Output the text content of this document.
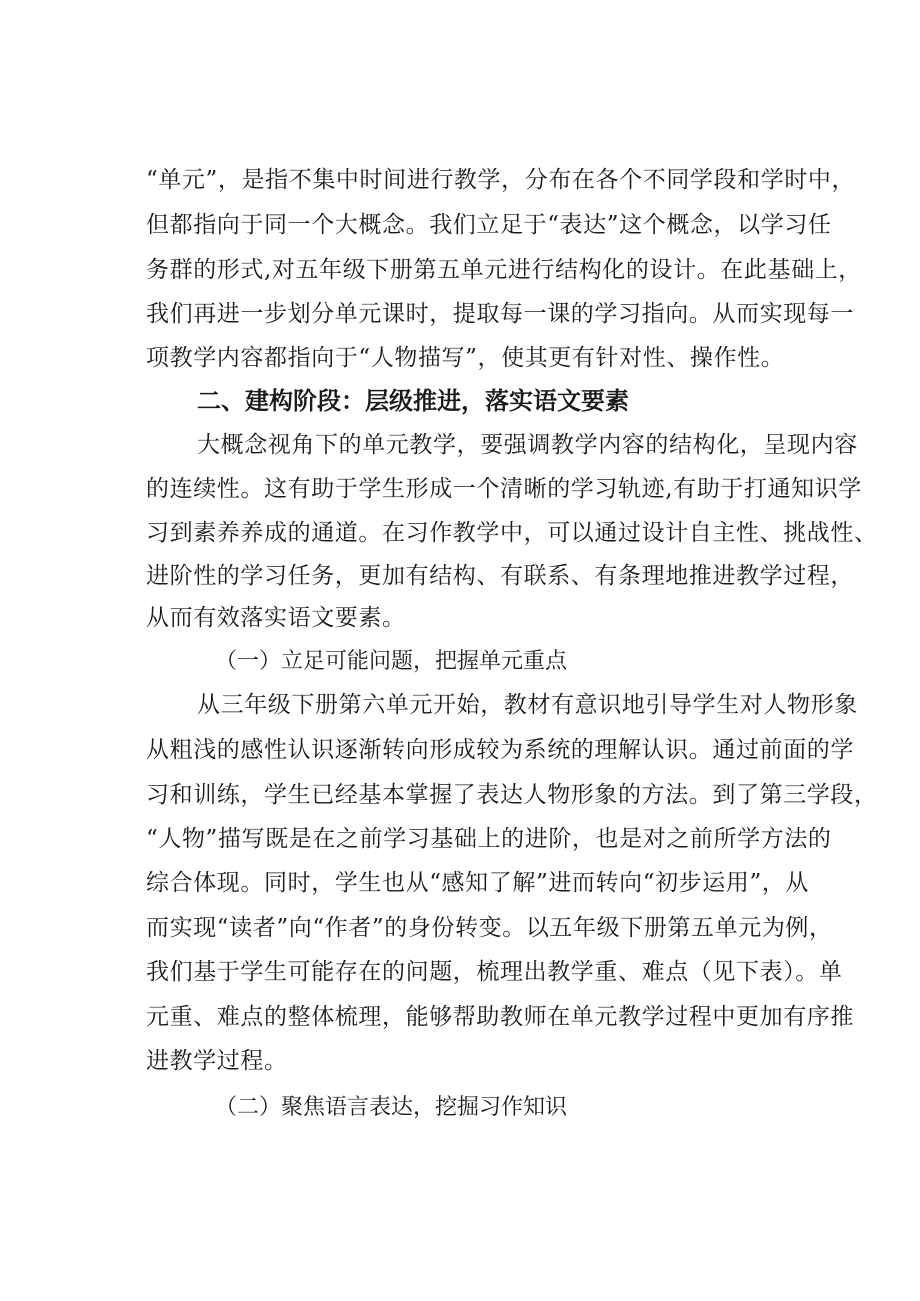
“单元”，是指不集中时间进行教学，分布在各个不同学段和学时中，
但都指向于同一个大概念。我们立足于“表达”这个概念，以学习任
务群的形式,对五年级下册第五单元进行结构化的设计。在此基础上，
我们再进一步划分单元课时，提取每一课的学习指向。从而实现每一
项教学内容都指向于“人物描写”，使其更有针对性、操作性。
二、建构阶段：层级推进，落实语文要素
大概念视角下的单元教学，要强调教学内容的结构化，呈现内容
的连续性。这有助于学生形成一个清晰的学习轨迹,有助于打通知识学
习到素养养成的通道。在习作教学中，可以通过设计自主性、挑战性、
进阶性的学习任务，更加有结构、有联系、有条理地推进教学过程，
从而有效落实语文要素。
（一）立足可能问题，把握单元重点
从三年级下册第六单元开始，教材有意识地引导学生对人物形象
从粗浅的感性认识逐渐转向形成较为系统的理解认识。通过前面的学
习和训练，学生已经基本掌握了表达人物形象的方法。到了第三学段，
“人物”描写既是在之前学习基础上的进阶，也是对之前所学方法的
综合体现。同时，学生也从“感知了解”进而转向“初步运用”，从
而实现“读者”向“作者”的身份转变。以五年级下册第五单元为例，
我们基于学生可能存在的问题，梳理出教学重、难点（见下表）。单
元重、难点的整体梳理，能够帮助教师在单元教学过程中更加有序推
进教学过程。
（二）聚焦语言表达，挖掘习作知识
